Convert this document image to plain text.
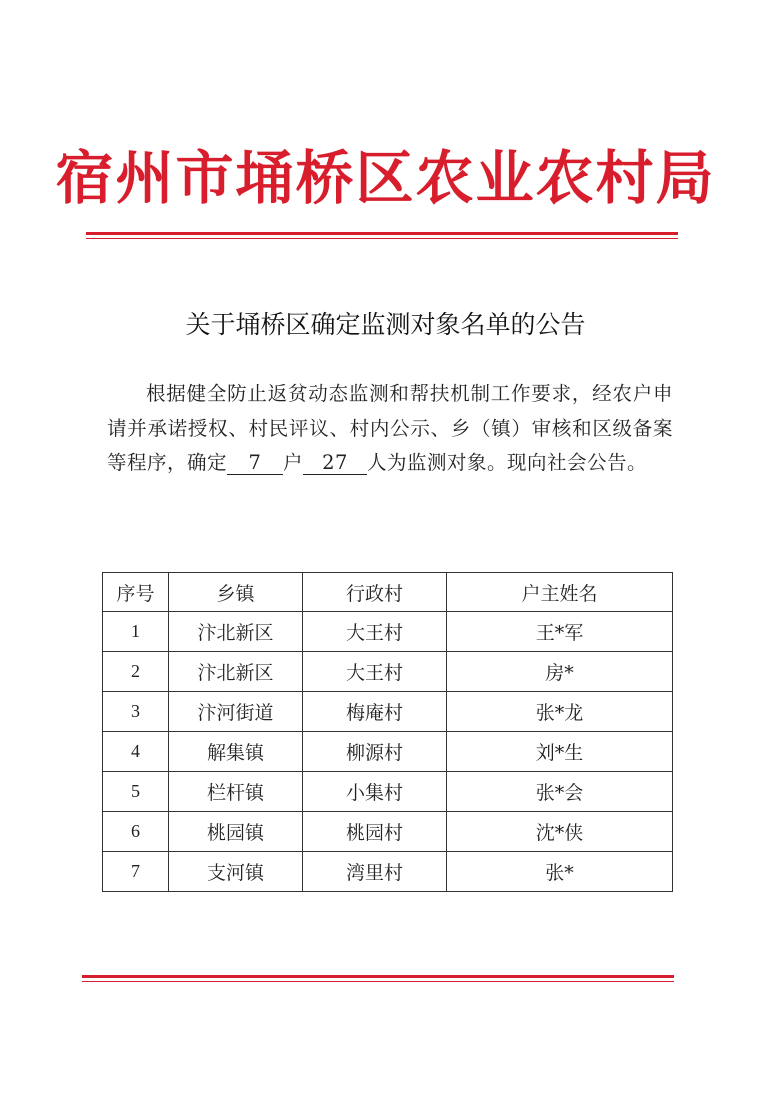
宿州市埇桥区农业农村局
关于埇桥区确定监测对象名单的公告
根据健全防止返贫动态监测和帮扶机制工作要求，经农户申请并承诺授权、村民评议、村内公示、乡（镇）审核和区级备案等程序，确定 7 户 27 人为监测对象。现向社会公告。
序号	乡镇	行政村	户主姓名
1	汴北新区	大王村	王*军
2	汴北新区	大王村	房*
3	汴河街道	梅庵村	张*龙
4	解集镇	柳源村	刘*生
5	栏杆镇	小集村	张*会
6	桃园镇	桃园村	沈*侠
7	支河镇	湾里村	张*
